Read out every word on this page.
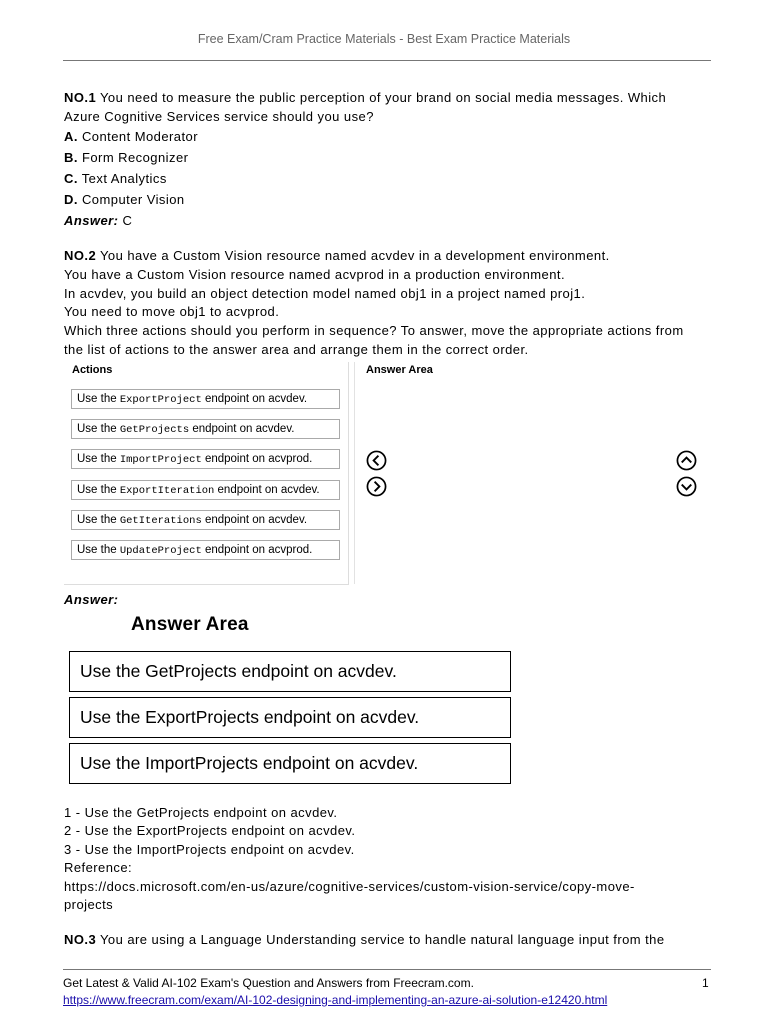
Free Exam/Cram Practice Materials - Best Exam Practice Materials
NO.1 You need to measure the public perception of your brand on social media messages. Which
Azure Cognitive Services service should you use?
A. Content Moderator
B. Form Recognizer
C. Text Analytics
D. Computer Vision
Answer: C
NO.2 You have a Custom Vision resource named acvdev in a development environment.
You have a Custom Vision resource named acvprod in a production environment.
In acvdev, you build an object detection model named obj1 in a project named proj1.
You need to move obj1 to acvprod.
Which three actions should you perform in sequence? To answer, move the appropriate actions from
the list of actions to the answer area and arrange them in the correct order.
Actions	Answer Area
Use the ExportProject endpoint on acvdev.
Use the GetProjects endpoint on acvdev.
Use the ImportProject endpoint on acvprod.
Use the ExportIteration endpoint on acvdev.
Use the GetIterations endpoint on acvdev.
Use the UpdateProject endpoint on acvprod.
Answer:
Answer Area
Use the GetProjects endpoint on acvdev.
Use the ExportProjects endpoint on acvdev.
Use the ImportProjects endpoint on acvdev.
1 - Use the GetProjects endpoint on acvdev.
2 - Use the ExportProjects endpoint on acvdev.
3 - Use the ImportProjects endpoint on acvdev.
Reference:
https://docs.microsoft.com/en-us/azure/cognitive-services/custom-vision-service/copy-move-
projects
NO.3 You are using a Language Understanding service to handle natural language input from the
Get Latest & Valid AI-102 Exam's Question and Answers from Freecram.com.	1
https://www.freecram.com/exam/AI-102-designing-and-implementing-an-azure-ai-solution-e12420.html
